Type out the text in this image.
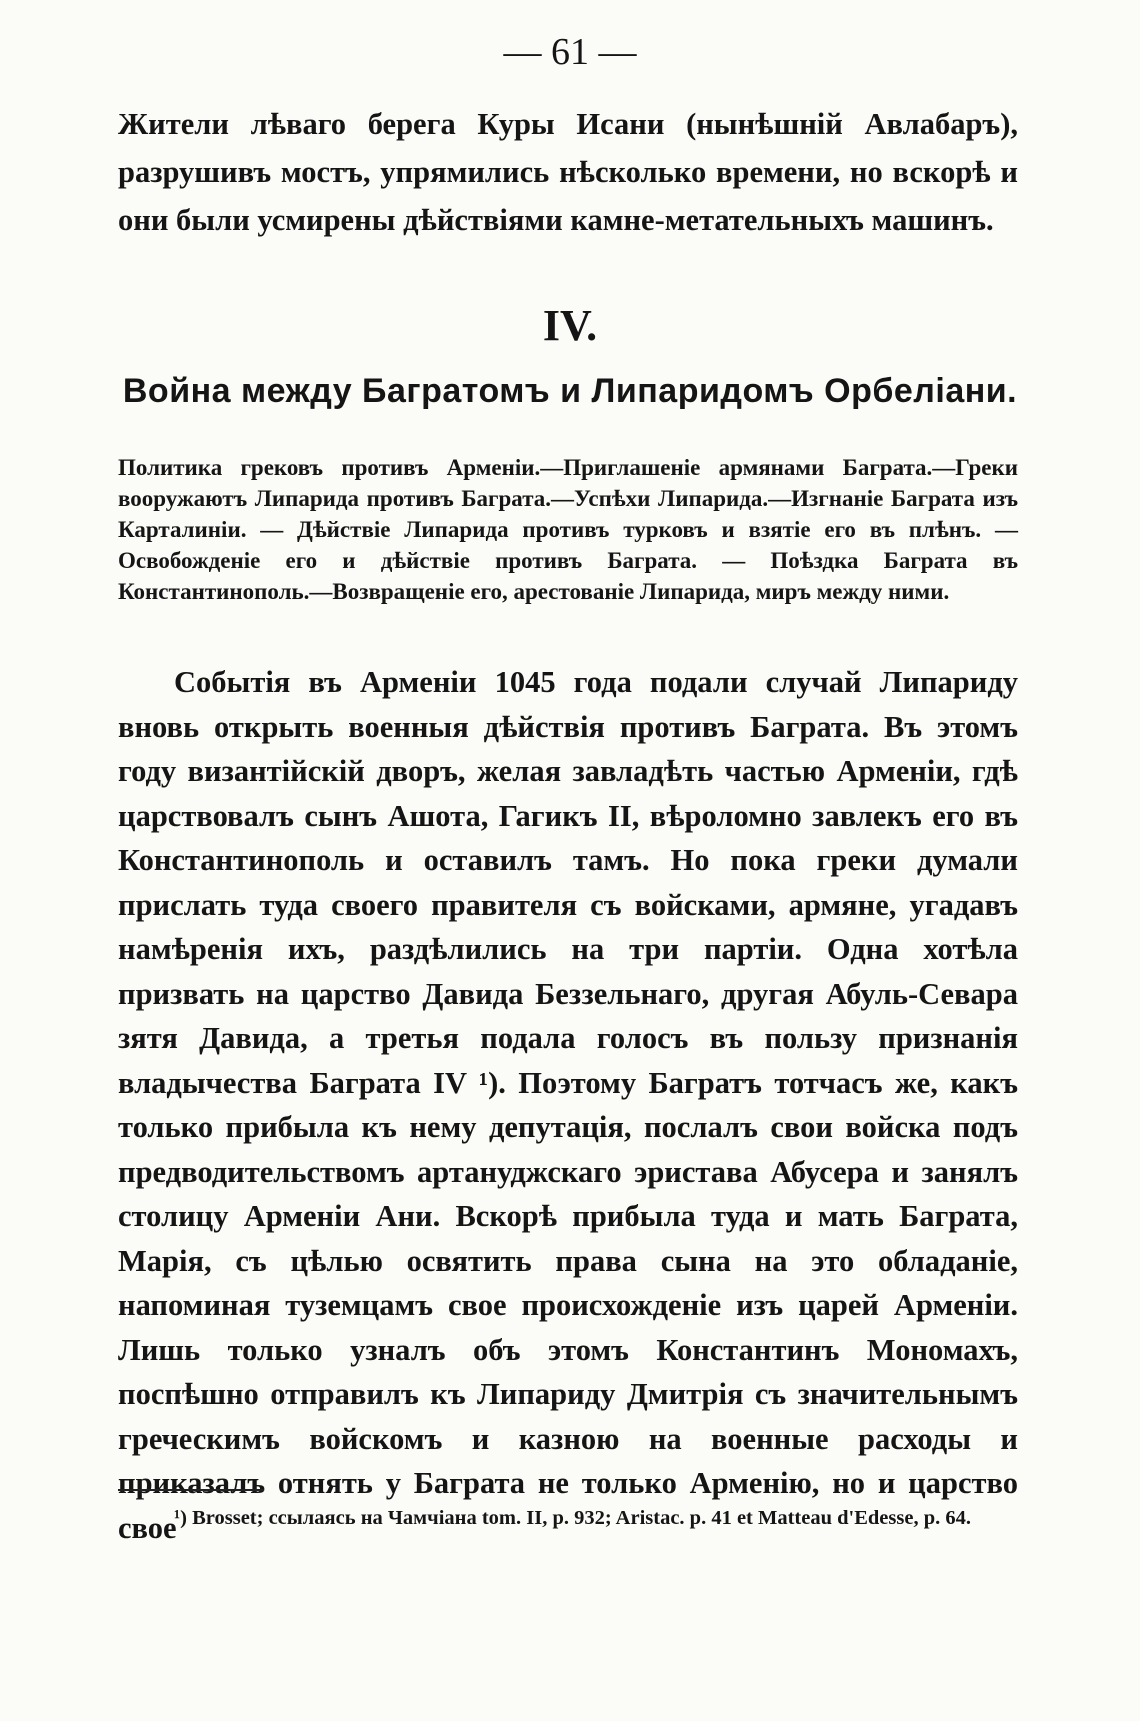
— 61 —

Жители лѣваго берега Куры Исани (нынѣшній Авлабаръ), разрушивъ мостъ, упрямились нѣсколько времени, но вскорѣ и они были усмирены дѣйствіями камне-метательныхъ машинъ.

IV.
Война между Багратомъ и Липаридомъ Орбеліани.

Политика грековъ противъ Арменіи.—Приглашеніе армянами Баграта.—Греки вооружаютъ Липарида противъ Баграта.—Успѣхи Липарида.—Изгнаніе Баграта изъ Карталиніи. — Дѣйствіе Липарида противъ турковъ и взятіе его въ плѣнъ. — Освобожденіе его и дѣйствіе противъ Баграта. — Поѣздка Баграта въ Константинополь.—Возвращеніе его, арестованіе Липарида, миръ между ними.

Событія въ Арменіи 1045 года подали случай Липариду вновь открыть военныя дѣйствія противъ Баграта. Въ этомъ году византійскій дворъ, желая завладѣть частью Арменіи, гдѣ царствовалъ сынъ Ашота, Гагикъ II, вѣроломно завлекъ его въ Константинополь и оставилъ тамъ. Но пока греки думали прислать туда своего правителя съ войсками, армяне, угадавъ намѣренія ихъ, раздѣлились на три партіи. Одна хотѣла призвать на царство Давида Беззельнаго, другая Абуль-Севара зятя Давида, а третья подала голосъ въ пользу признанія владычества Баграта IV ¹). Поэтому Багратъ тотчасъ же, какъ только прибыла къ нему депутація, послалъ свои войска подъ предводительствомъ артануджскаго эристава Абусера и занялъ столицу Арменіи Ани. Вскорѣ прибыла туда и мать Баграта, Марія, съ цѣлью освятить права сына на это обладаніе, напоминая туземцамъ свое происхожденіе изъ царей Арменіи. Лишь только узналъ объ этомъ Константинъ Мономахъ, поспѣшно отправилъ къ Липариду Дмитрія съ значительнымъ греческимъ войскомъ и казною на военные расходы и приказалъ отнять у Баграта не только Арменію, но и царство свое

¹) Brosset; ссылаясь на Чамчіана tom. II, p. 932; Aristac. p. 41 et Matteau d'Edesse, p. 64.
